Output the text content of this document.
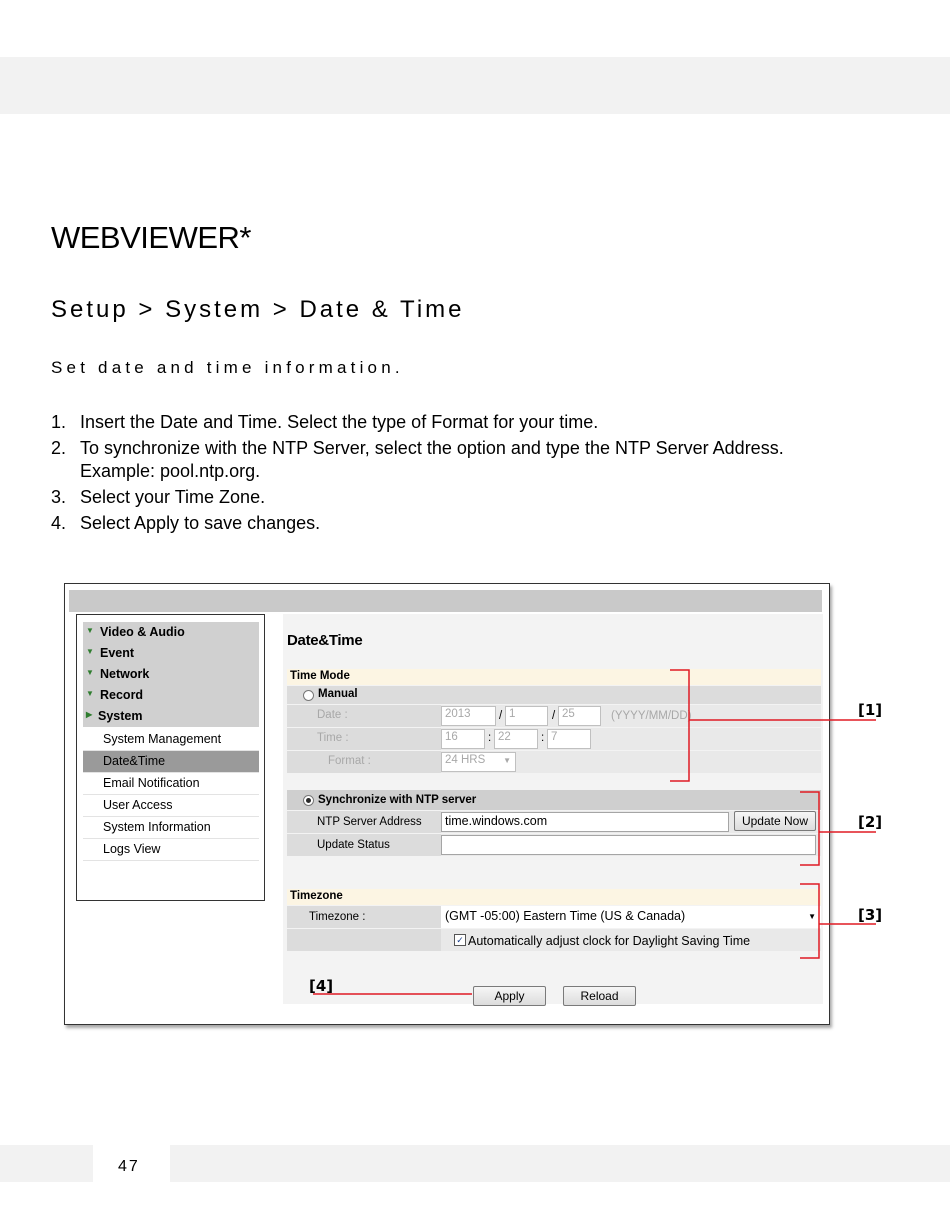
47
WEBVIEWER*
Setup > System > Date & Time
Set date and time information.
1. Insert the Date and Time. Select the type of Format for your time.
2. To synchronize with the NTP Server, select the option and type the NTP Server Address.
Example: pool.ntp.org.
3. Select your Time Zone.
4. Select Apply to save changes.
▼ Video & Audio
▼ Event
▼ Network
▼ Record
▶ System
System Management
Date&Time
Email Notification
User Access
System Information
Logs View
Date&Time
Time Mode
Manual
Date :	2013	/ 1	/ 25	(YYYY/MM/DD)
Time :	16	: 22	: 7
Format :	24 HRS ▼
Synchronize with NTP server
NTP Server Address	time.windows.com	Update Now
Update Status
Timezone
Timezone :	(GMT -05:00) Eastern Time (US & Canada)	▼
✓ Automatically adjust clock for Daylight Saving Time
Apply	Reload
[1]
[2]
[3]
[4]
